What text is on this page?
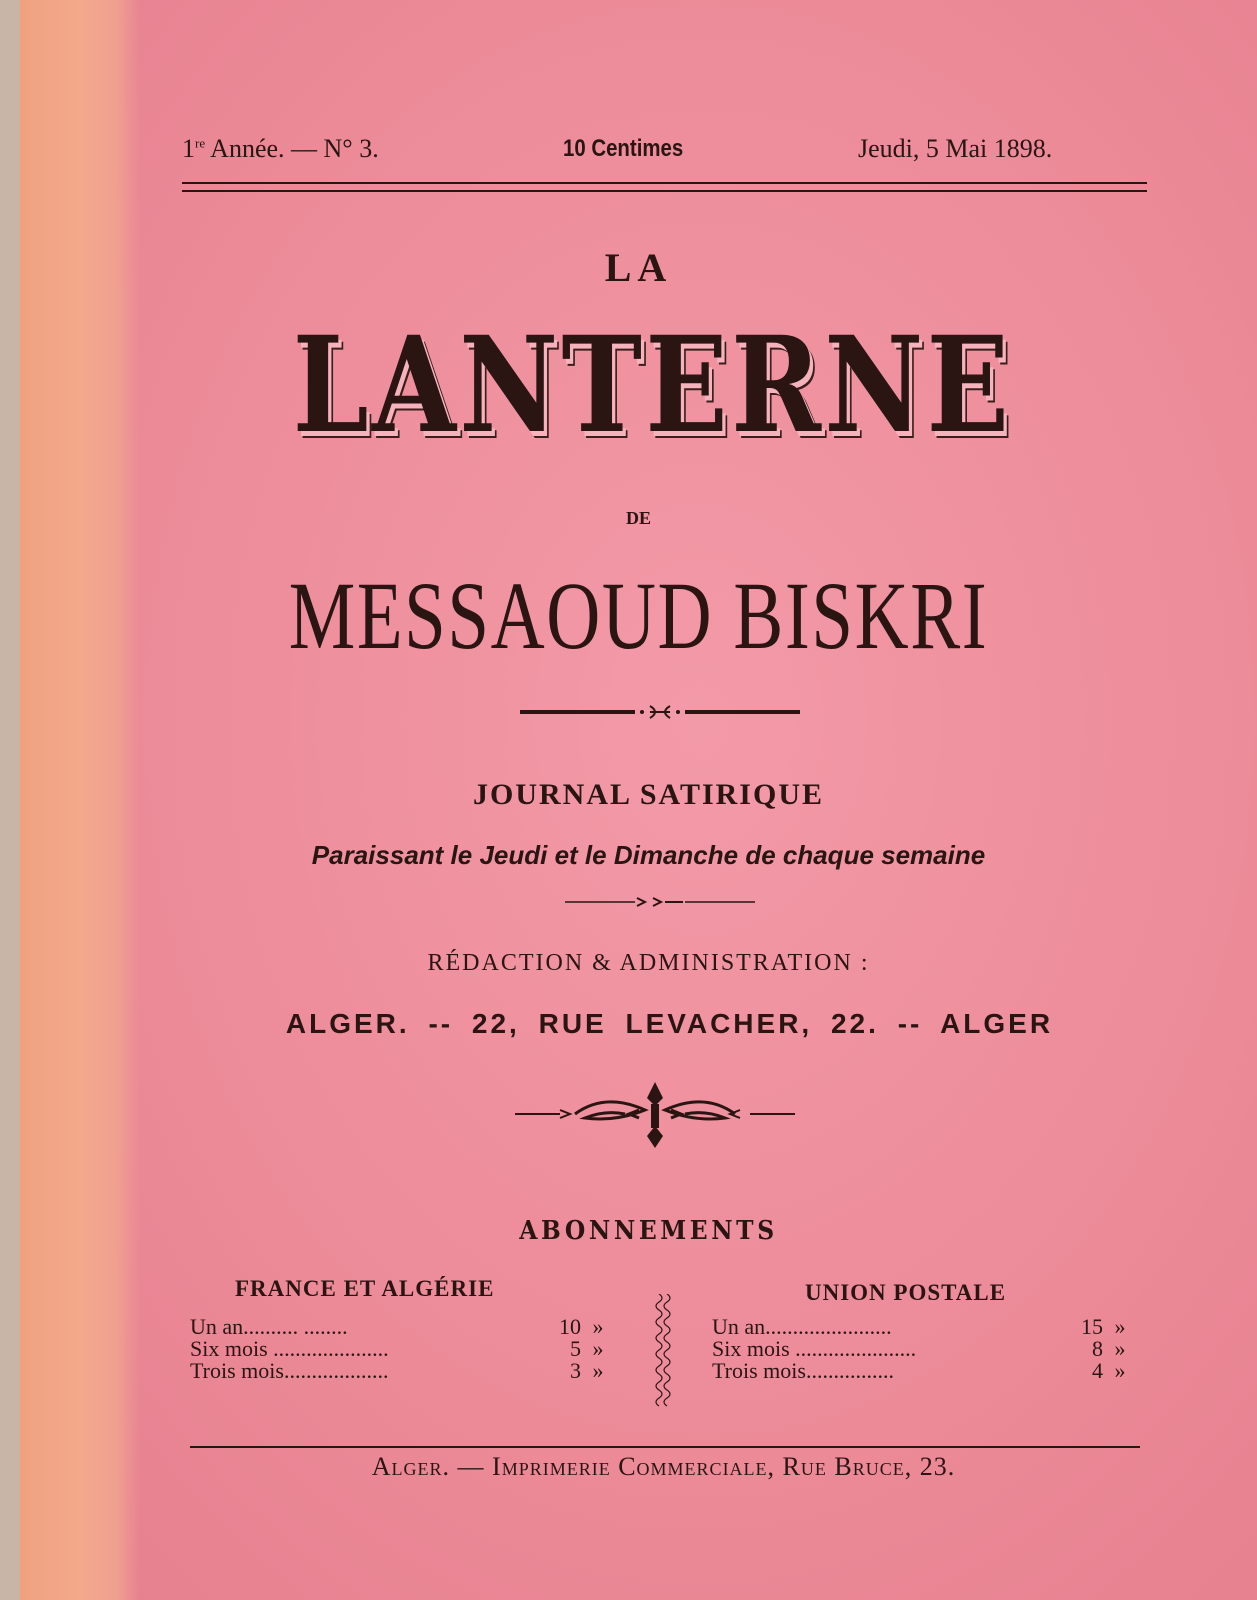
1re Année. — N° 3.	10 Centimes	Jeudi, 5 Mai 1898.
LA
LANTERNE
DE
MESSAOUD BISKRI
JOURNAL SATIRIQUE
Paraissant le Jeudi et le Dimanche de chaque semaine
RÉDACTION & ADMINISTRATION :
ALGER. -- 22, RUE LEVACHER, 22. -- ALGER
ABONNEMENTS
FRANCE ET ALGÉRIE	UNION POSTALE
Un an.......... ........	10 »
Six mois .....................	5 »
Trois mois...................	3 »
Un an.......................	15 »
Six mois ......................	8 »
Trois mois................	4 »
Alger. — Imprimerie Commerciale, Rue Bruce, 23.
